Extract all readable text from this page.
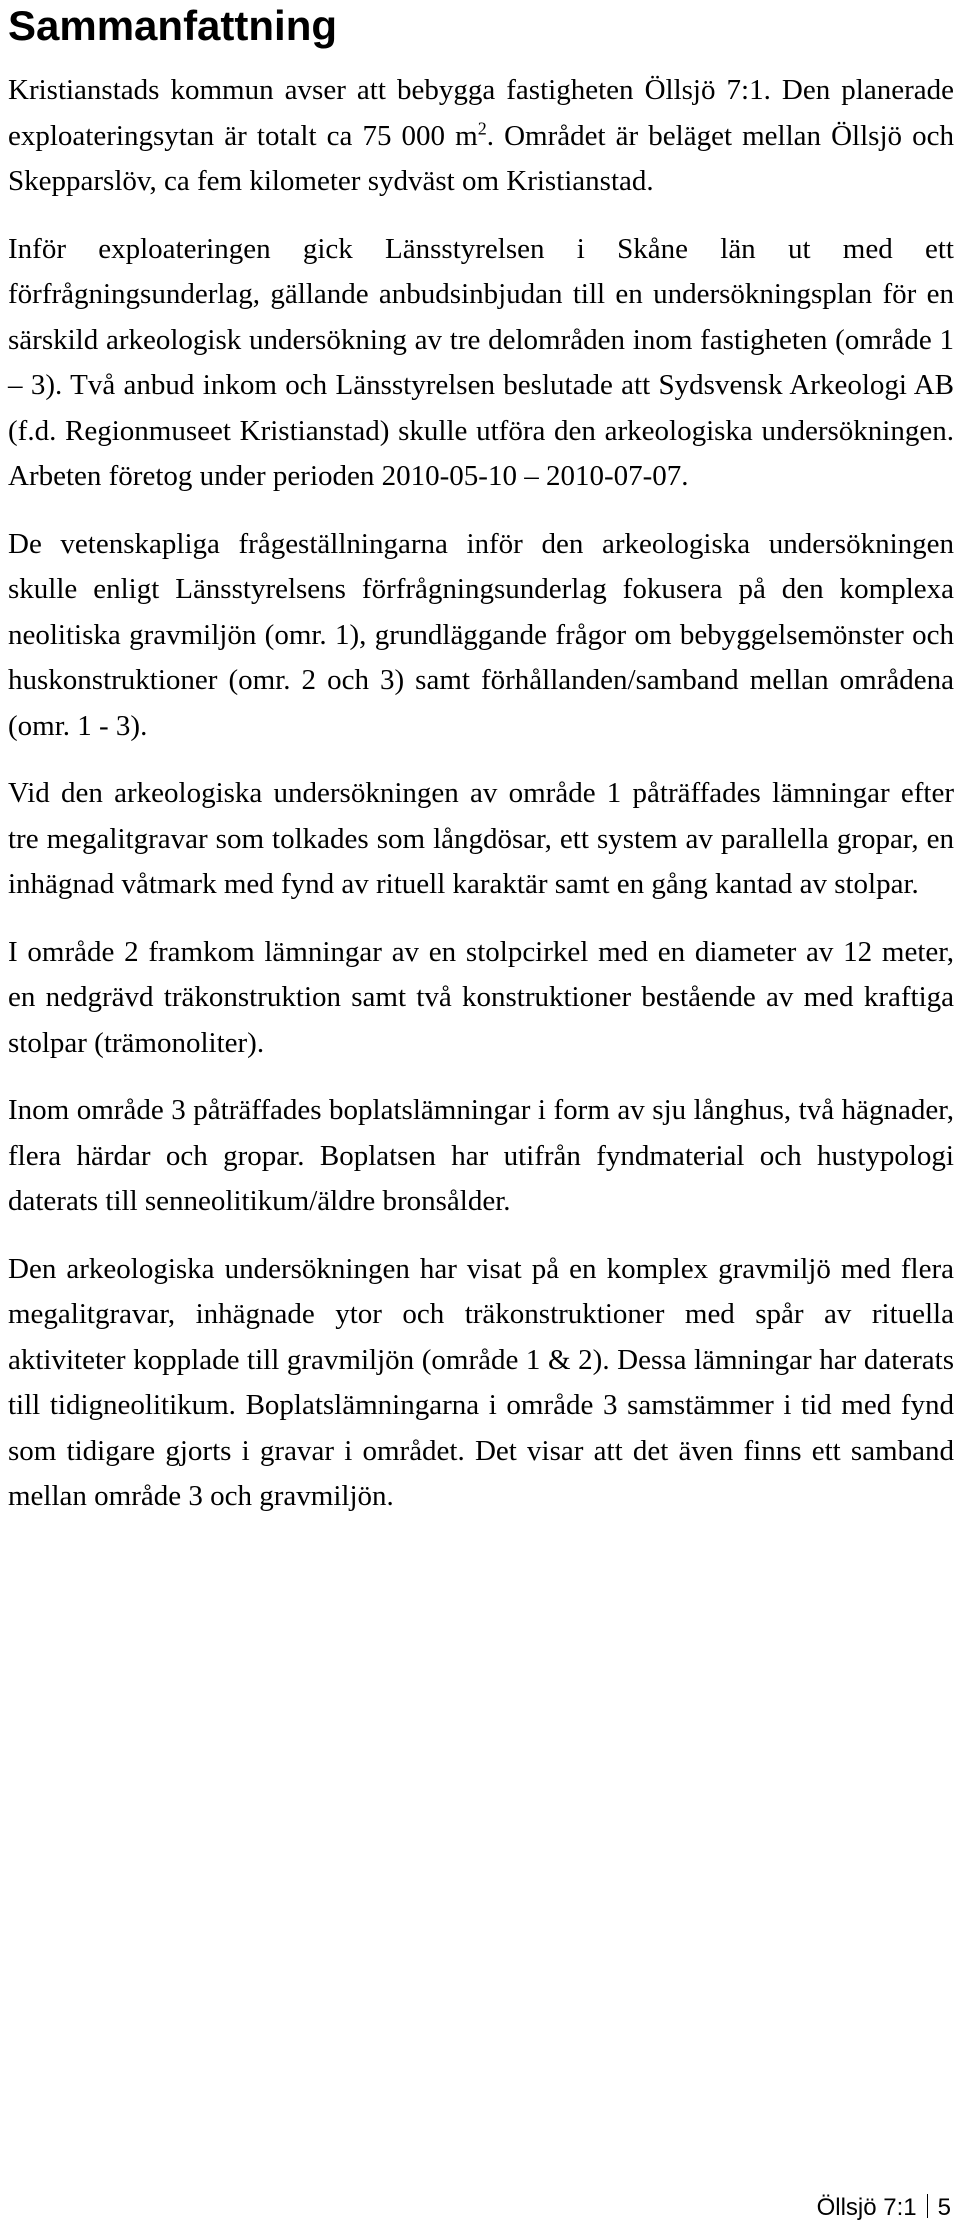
Sammanfattning

Kristianstads kommun avser att bebygga fastigheten Öllsjö 7:1. Den planerade exploateringsytan är totalt ca 75 000 $m^2$. Området är beläget mellan Öllsjö och Skepparslöv, ca fem kilometer sydväst om Kristianstad.

Inför exploateringen gick Länsstyrelsen i Skåne län ut med ett förfrågningsunderlag, gällande anbudsinbjudan till en undersökningsplan för en särskild arkeologisk undersökning av tre delområden inom fastigheten (område 1 – 3). Två anbud inkom och Länsstyrelsen beslutade att Sydsvensk Arkeologi AB (f.d. Regionmuseet Kristianstad) skulle utföra den arkeologiska undersökningen. Arbeten företog under perioden 2010-05-10 – 2010-07-07.

De vetenskapliga frågeställningarna inför den arkeologiska undersökningen skulle enligt Länsstyrelsens förfrågningsunderlag fokusera på den komplexa neolitiska gravmiljön (omr. 1), grundläggande frågor om bebyggelsemönster och huskonstruktioner (omr. 2 och 3) samt förhållanden/samband mellan områdena (omr. 1 - 3).

Vid den arkeologiska undersökningen av område 1 påträffades lämningar efter tre megalitgravar som tolkades som långdösar, ett system av parallella gropar, en inhägnad våtmark med fynd av rituell karaktär samt en gång kantad av stolpar.

I område 2 framkom lämningar av en stolpcirkel med en diameter av 12 meter, en nedgrävd träkonstruktion samt två konstruktioner bestående av med kraftiga stolpar (trämonoliter).

Inom område 3 påträffades boplatslämningar i form av sju långhus, två hägnader, flera härdar och gropar. Boplatsen har utifrån fyndmaterial och hustypologi daterats till senneolitikum/äldre bronsålder.

Den arkeologiska undersökningen har visat på en komplex gravmiljö med flera megalitgravar, inhägnade ytor och träkonstruktioner med spår av rituella aktiviteter kopplade till gravmiljön (område 1 & 2). Dessa lämningar har daterats till tidigneolitikum. Boplatslämningarna i område 3 samstämmer i tid med fynd som tidigare gjorts i gravar i området. Det visar att det även finns ett samband mellan område 3 och gravmiljön.

Öllsjö 7:1 5
